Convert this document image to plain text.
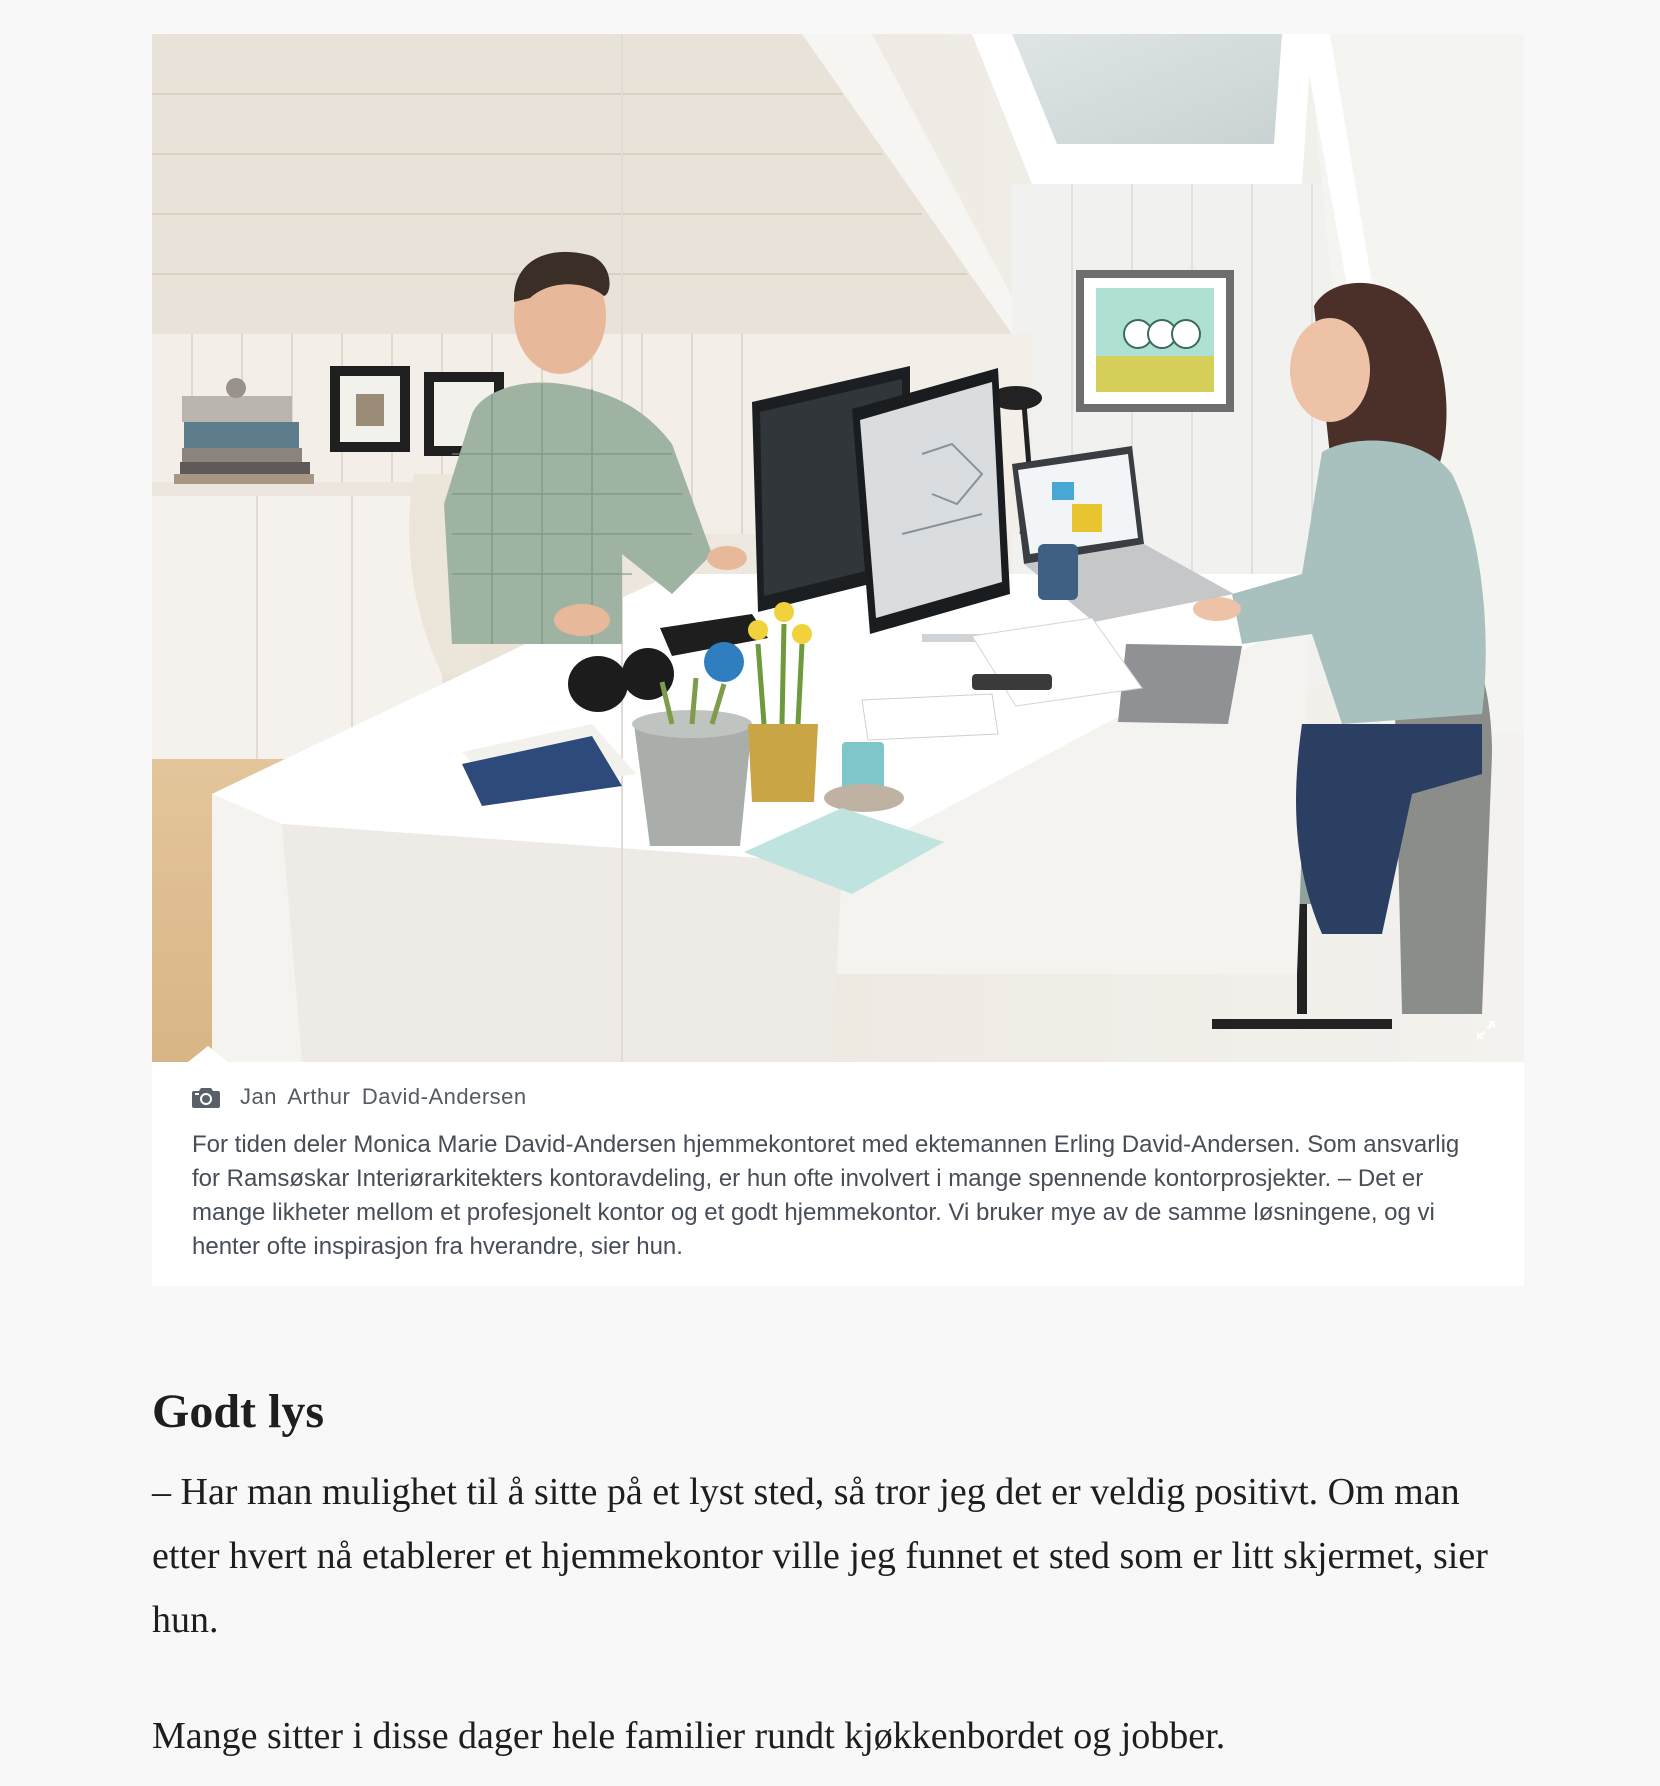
Jan Arthur David-Andersen
For tiden deler Monica Marie David-Andersen hjemmekontoret med ektemannen Erling David-Andersen. Som ansvarlig for Ramsøskar Interiørarkitekters kontoravdeling, er hun ofte involvert i mange spennende kontorprosjekter. – Det er mange likheter mellom et profesjonelt kontor og et godt hjemmekontor. Vi bruker mye av de samme løsningene, og vi henter ofte inspirasjon fra hverandre, sier hun.
Godt lys

– Har man mulighet til å sitte på et lyst sted, så tror jeg det er veldig positivt. Om man etter hvert nå etablerer et hjemmekontor ville jeg funnet et sted som er litt skjermet, sier hun.

Mange sitter i disse dager hele familier rundt kjøkkenbordet og jobber.
